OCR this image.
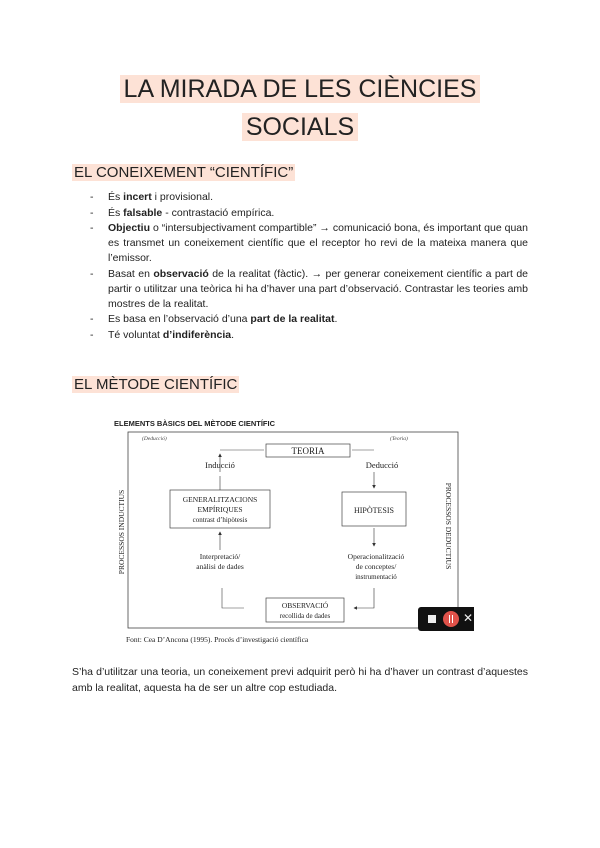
LA MIRADA DE LES CIÈNCIES
SOCIALS
EL CONEIXEMENT “CIENTÍFIC”
- És incert i provisional.
- És falsable - contrastació empírica.
- Objectiu o “intersubjectivament compartible” → comunicació bona, és important que quan es transmet un coneixement científic que el receptor ho revi de la mateixa manera que l’emissor.
- Basat en observació de la realitat (fàctic). → per generar coneixement científic a part de partir o utilitzar una teòrica hi ha d’haver una part d’observació. Contrastar les teories amb mostres de la realitat.
- Es basa en l’observació d’una part de la realitat.
- Té voluntat d’indiferència.
EL MÈTODE CIENTÍFIC
ELEMENTS BÀSICS DEL MÈTODE CIENTÍFIC
(Deducció)	(Teoria)
TEORIA
Inducció	Deducció
GENERALITZACIONS
EMPÍRIQUES
contrast d’hipòtesis
HIPÒTESIS
Interpretació/
anàlisi de dades
Operacionalització
de conceptes/
instrumentació
OBSERVACIÓ
recollida de dades
PROCESSOS INDUCTIUS	PROCESSOS DEDUCTIUS
Font: Cea D’Ancona (1995). Procés d’investigació científica
✕

S’ha d’utilitzar una teoria, un coneixement previ adquirit però hi ha d’haver un contrast d’aquestes amb la realitat, aquesta ha de ser un altre cop estudiada.
